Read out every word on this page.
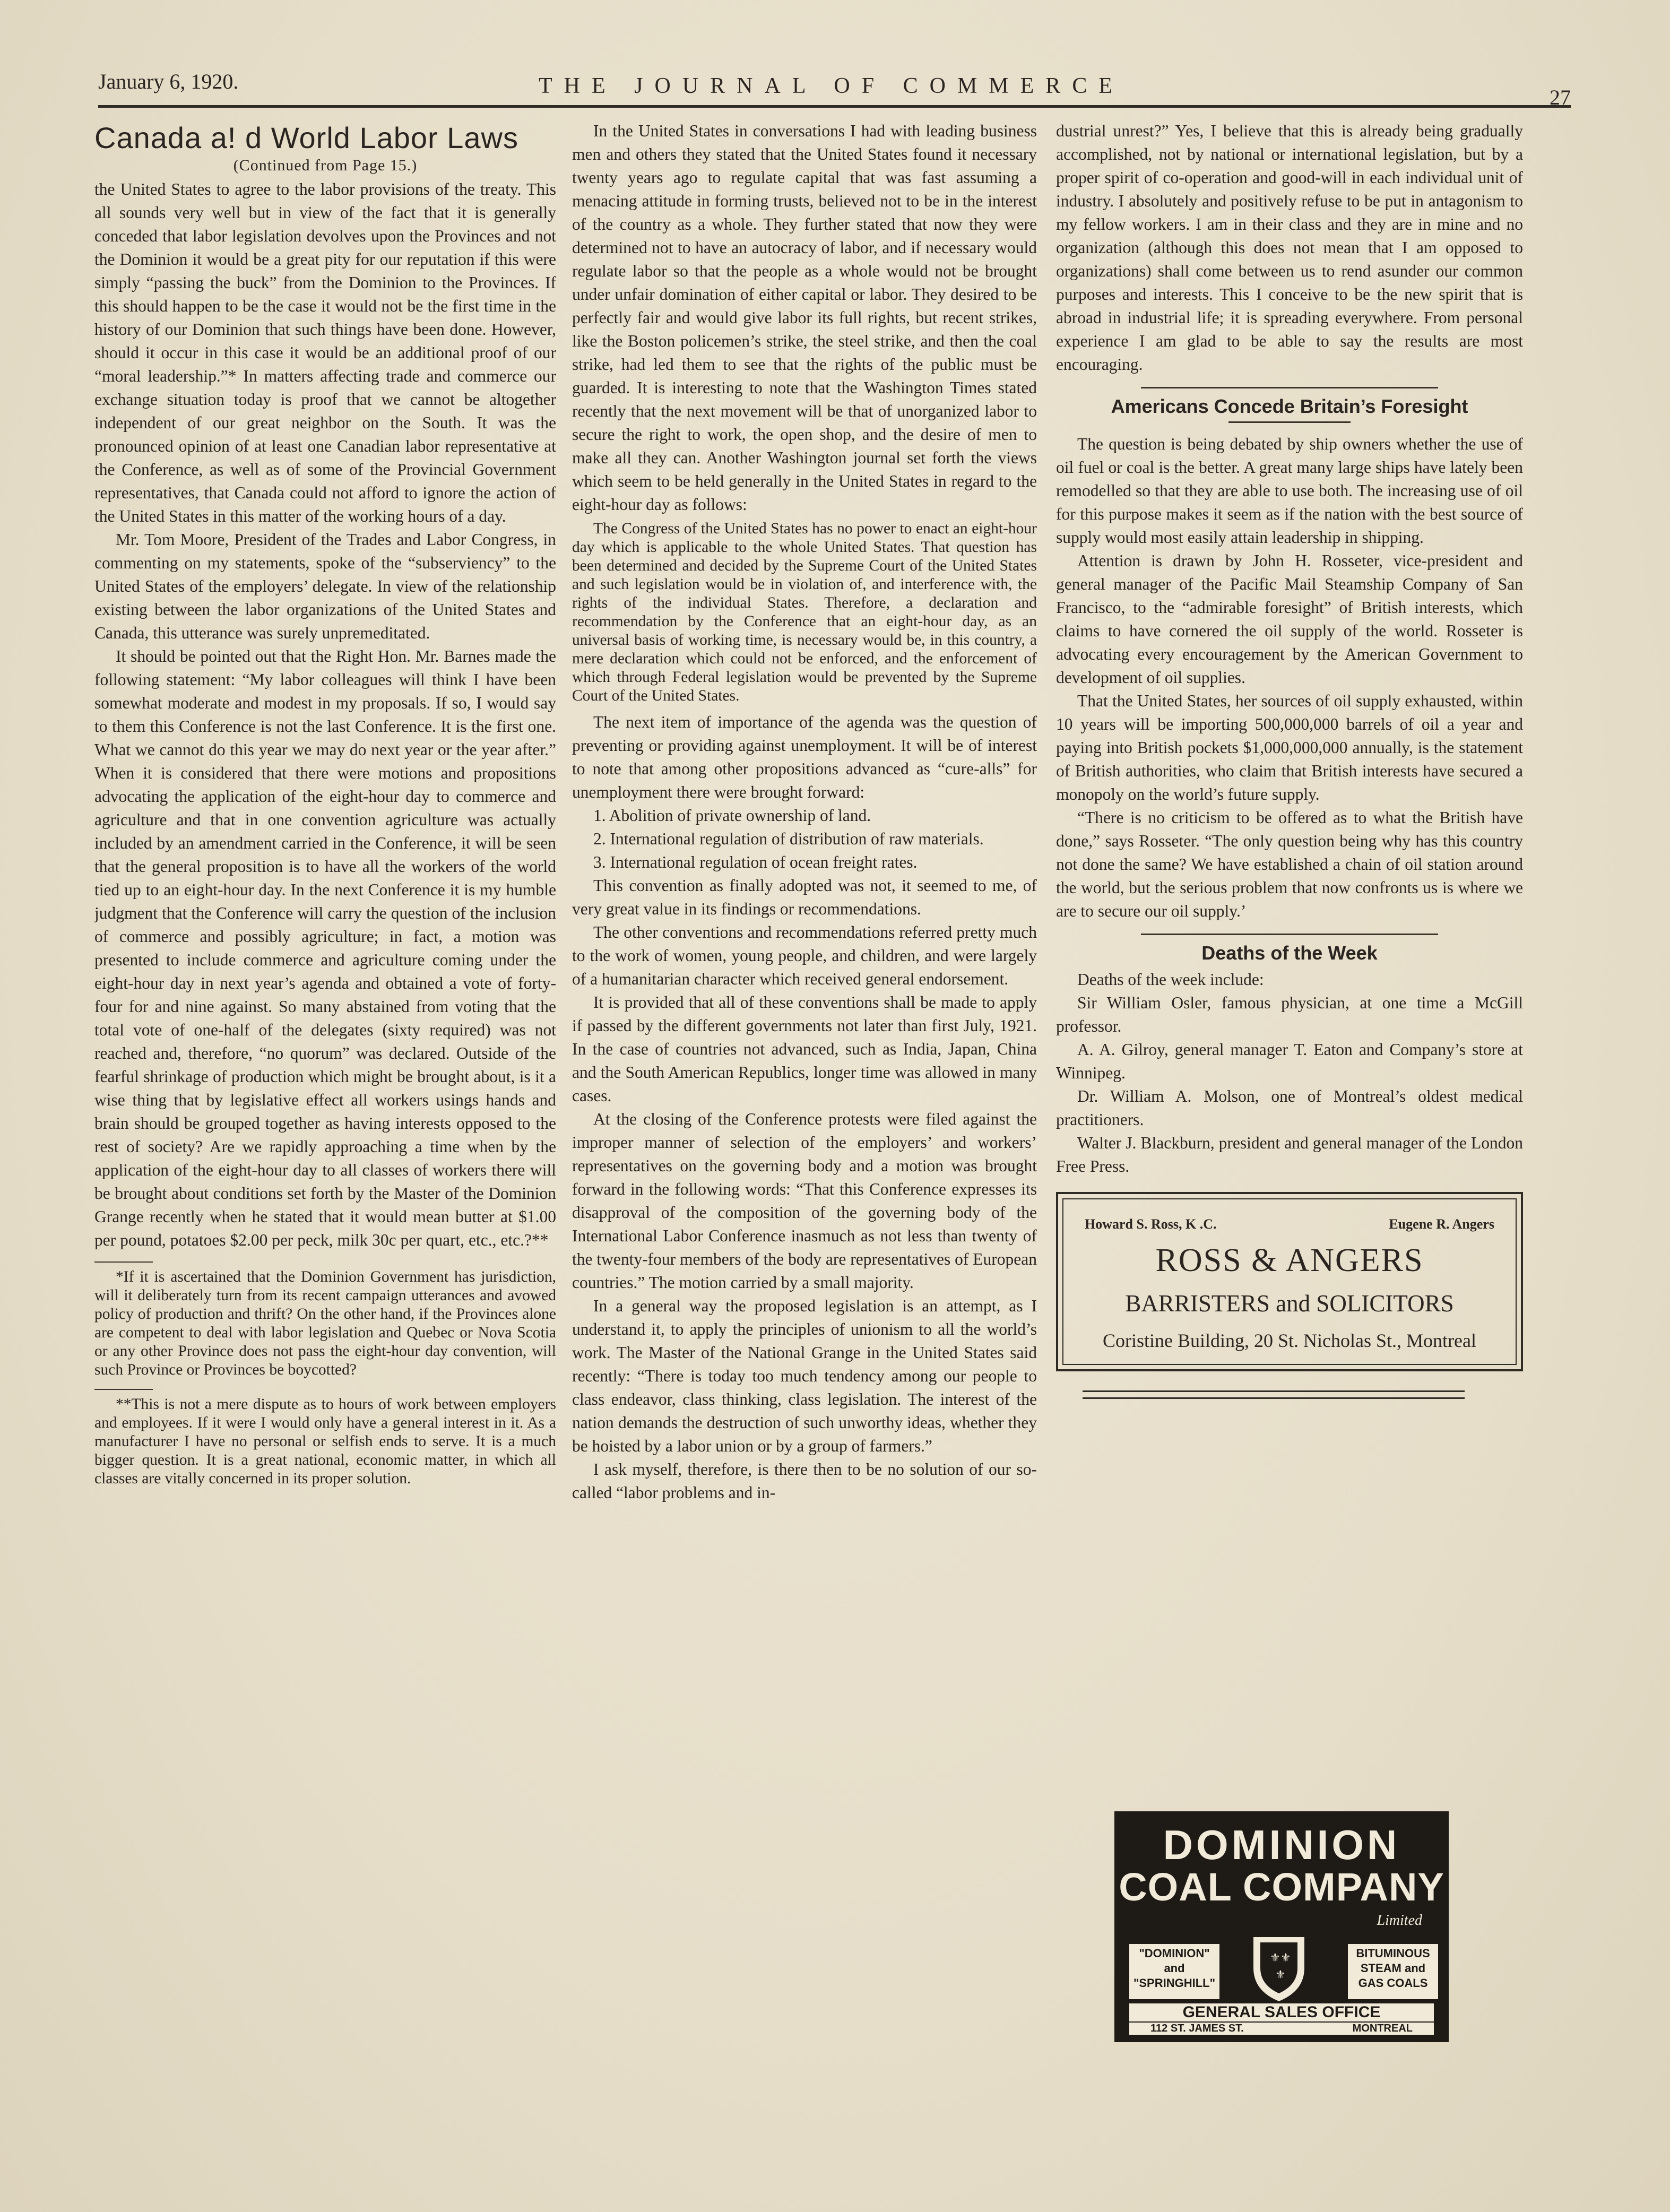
January 6, 1920.	THE JOURNAL OF COMMERCE	27
Canada a! d World Labor Laws
(Continued from Page 15.)

the United States to agree to the labor provisions of the treaty. This all sounds very well but in view of the fact that it is generally conceded that labor legislation devolves upon the Provinces and not the Dominion it would be a great pity for our reputation if this were simply “passing the buck” from the Dominion to the Provinces. If this should happen to be the case it would not be the first time in the history of our Dominion that such things have been done. However, should it occur in this case it would be an additional proof of our “moral leadership.”* In matters affecting trade and commerce our exchange situation today is proof that we cannot be altogether independent of our great neighbor on the South. It was the pronounced opinion of at least one Canadian labor representative at the Conference, as well as of some of the Provincial Government representatives, that Canada could not afford to ignore the action of the United States in this matter of the working hours of a day.

Mr. Tom Moore, President of the Trades and Labor Congress, in commenting on my statements, spoke of the “subserviency” to the United States of the employers’ delegate. In view of the relationship existing between the labor organizations of the United States and Canada, this utterance was surely unpremeditated.

It should be pointed out that the Right Hon. Mr. Barnes made the following statement: “My labor colleagues will think I have been somewhat moderate and modest in my proposals. If so, I would say to them this Conference is not the last Conference. It is the first one. What we cannot do this year we may do next year or the year after.” When it is considered that there were motions and propositions advocating the application of the eight-hour day to commerce and agriculture and that in one convention agriculture was actually included by an amendment carried in the Conference, it will be seen that the general proposition is to have all the workers of the world tied up to an eight-hour day. In the next Conference it is my humble judgment that the Conference will carry the question of the inclusion of commerce and possibly agriculture; in fact, a motion was presented to include commerce and agriculture coming under the eight-hour day in next year’s agenda and obtained a vote of forty-four for and nine against. So many abstained from voting that the total vote of one-half of the delegates (sixty required) was not reached and, therefore, “no quorum” was declared. Outside of the fearful shrinkage of production which might be brought about, is it a wise thing that by legislative effect all workers usings hands and brain should be grouped together as having interests opposed to the rest of society? Are we rapidly approaching a time when by the application of the eight-hour day to all classes of workers there will be brought about conditions set forth by the Master of the Dominion Grange recently when he stated that it would mean butter at $1.00 per pound, potatoes $2.00 per peck, milk 30c per quart, etc., etc.?**

*If it is ascertained that the Dominion Government has jurisdiction, will it deliberately turn from its recent campaign utterances and avowed policy of production and thrift? On the other hand, if the Provinces alone are competent to deal with labor legislation and Quebec or Nova Scotia or any other Province does not pass the eight-hour day convention, will such Province or Provinces be boycotted?

**This is not a mere dispute as to hours of work between employers and employees. If it were I would only have a general interest in it. As a manufacturer I have no personal or selfish ends to serve. It is a much bigger question. It is a great national, economic matter, in which all classes are vitally concerned in its proper solution.

In the United States in conversations I had with leading business men and others they stated that the United States found it necessary twenty years ago to regulate capital that was fast assuming a menacing attitude in forming trusts, believed not to be in the interest of the country as a whole. They further stated that now they were determined not to have an autocracy of labor, and if necessary would regulate labor so that the people as a whole would not be brought under unfair domination of either capital or labor. They desired to be perfectly fair and would give labor its full rights, but recent strikes, like the Boston policemen’s strike, the steel strike, and then the coal strike, had led them to see that the rights of the public must be guarded. It is interesting to note that the Washington Times stated recently that the next movement will be that of unorganized labor to secure the right to work, the open shop, and the desire of men to make all they can. Another Washington journal set forth the views which seem to be held generally in the United States in regard to the eight-hour day as follows:

The Congress of the United States has no power to enact an eight-hour day which is applicable to the whole United States. That question has been determined and decided by the Supreme Court of the United States and such legislation would be in violation of, and interference with, the rights of the individual States. Therefore, a declaration and recommendation by the Conference that an eight-hour day, as an universal basis of working time, is necessary would be, in this country, a mere declaration which could not be enforced, and the enforcement of which through Federal legislation would be prevented by the Supreme Court of the United States.

The next item of importance of the agenda was the question of preventing or providing against unemployment. It will be of interest to note that among other propositions advanced as “cure-alls” for unemployment there were brought forward:

1. Abolition of private ownership of land.

2. International regulation of distribution of raw materials.

3. International regulation of ocean freight rates.

This convention as finally adopted was not, it seemed to me, of very great value in its findings or recommendations.

The other conventions and recommendations referred pretty much to the work of women, young people, and children, and were largely of a humanitarian character which received general endorsement.

It is provided that all of these conventions shall be made to apply if passed by the different governments not later than first July, 1921. In the case of countries not advanced, such as India, Japan, China and the South American Republics, longer time was allowed in many cases.

At the closing of the Conference protests were filed against the improper manner of selection of the employers’ and workers’ representatives on the governing body and a motion was brought forward in the following words: “That this Conference expresses its disapproval of the composition of the governing body of the International Labor Conference inasmuch as not less than twenty of the twenty-four members of the body are representatives of European countries.” The motion carried by a small majority.

In a general way the proposed legislation is an attempt, as I understand it, to apply the principles of unionism to all the world’s work. The Master of the National Grange in the United States said recently: “There is today too much tendency among our people to class endeavor, class thinking, class legislation. The interest of the nation demands the destruction of such unworthy ideas, whether they be hoisted by a labor union or by a group of farmers.”

I ask myself, therefore, is there then to be no solution of our so-called “labor problems and in-

dustrial unrest?” Yes, I believe that this is already being gradually accomplished, not by national or international legislation, but by a proper spirit of co-operation and good-will in each individual unit of industry. I absolutely and positively refuse to be put in antagonism to my fellow workers. I am in their class and they are in mine and no organization (although this does not mean that I am opposed to organizations) shall come between us to rend asunder our common purposes and interests. This I conceive to be the new spirit that is abroad in industrial life; it is spreading everywhere. From personal experience I am glad to be able to say the results are most encouraging.

Americans Concede Britain’s Foresight

The question is being debated by ship owners whether the use of oil fuel or coal is the better. A great many large ships have lately been remodelled so that they are able to use both. The increasing use of oil for this purpose makes it seem as if the nation with the best source of supply would most easily attain leadership in shipping.

Attention is drawn by John H. Rosseter, vice-president and general manager of the Pacific Mail Steamship Company of San Francisco, to the “admirable foresight” of British interests, which claims to have cornered the oil supply of the world. Rosseter is advocating every encouragement by the American Government to development of oil supplies.

That the United States, her sources of oil supply exhausted, within 10 years will be importing 500,000,000 barrels of oil a year and paying into British pockets $1,000,000,000 annually, is the statement of British authorities, who claim that British interests have secured a monopoly on the world’s future supply.

“There is no criticism to be offered as to what the British have done,” says Rosseter. “The only question being why has this country not done the same? We have established a chain of oil station around the world, but the serious problem that now confronts us is where we are to secure our oil supply.’

Deaths of the Week

Deaths of the week include:

Sir William Osler, famous physician, at one time a McGill professor.

A. A. Gilroy, general manager T. Eaton and Company’s store at Winnipeg.

Dr. William A. Molson, one of Montreal’s oldest medical practitioners.

Walter J. Blackburn, president and general manager of the London Free Press.

Howard S. Ross, K .C.	Eugene R. Angers
ROSS & ANGERS
BARRISTERS and SOLICITORS
Coristine Building, 20 St. Nicholas St., Montreal
DOMINION
COAL COMPANY
Limited
"DOMINION" and "SPRINGHILL"
⚜ ⚜
⚜
BITUMINOUS STEAM and GAS COALS
GENERAL SALES OFFICE
112 ST. JAMES ST.	MONTREAL
